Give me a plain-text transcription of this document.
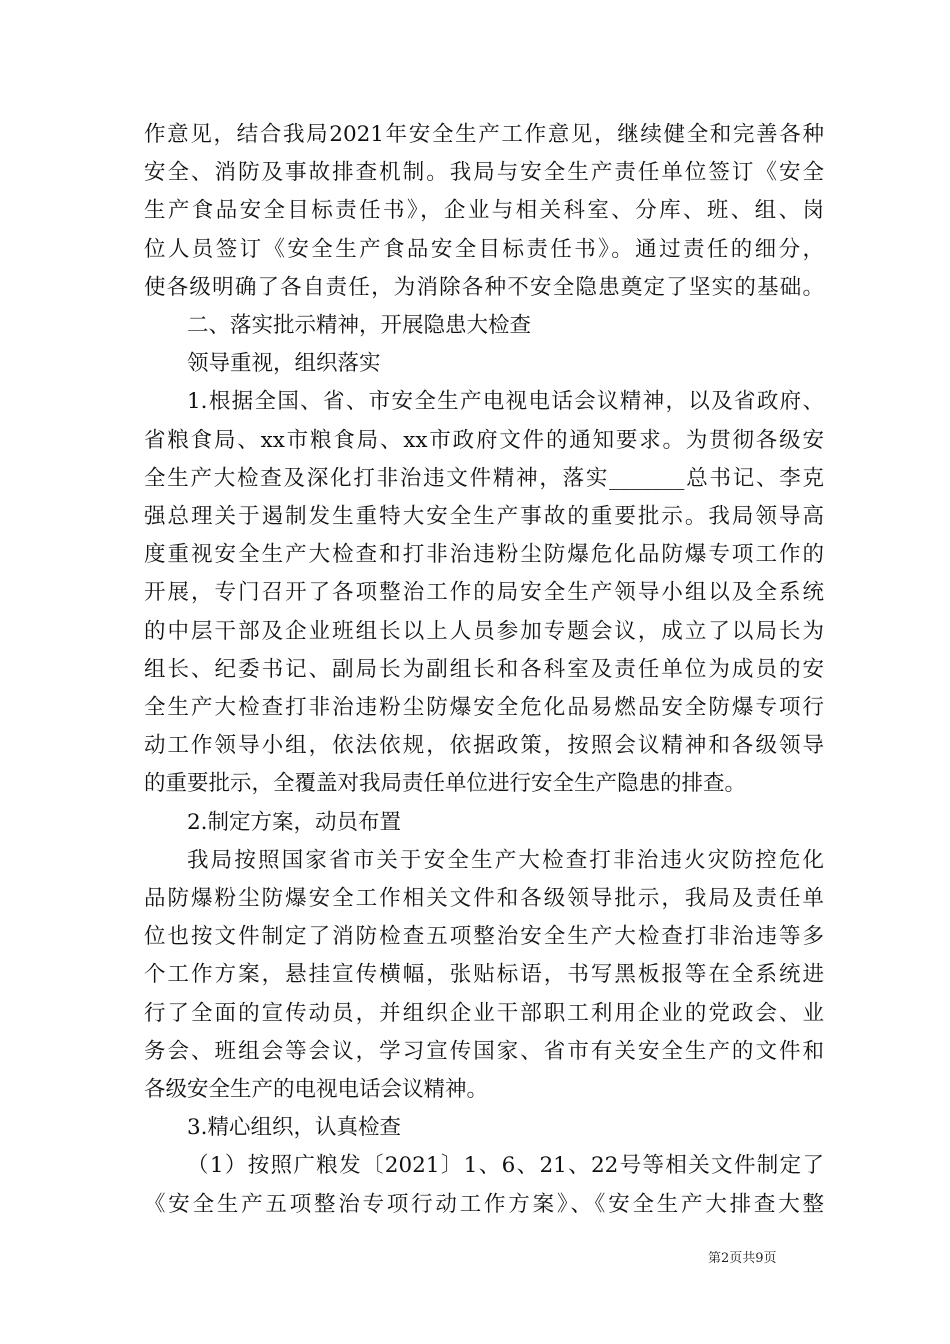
作意见，结合我局2021年安全生产工作意见，继续健全和完善各种

安全、消防及事故排查机制。我局与安全生产责任单位签订《安全

生产食品安全目标责任书》，企业与相关科室、分库、班、组、岗

位人员签订《安全生产食品安全目标责任书》。通过责任的细分，

使各级明确了各自责任，为消除各种不安全隐患奠定了坚实的基础。

二、落实批示精神，开展隐患大检查

领导重视，组织落实

1.根据全国、省、市安全生产电视电话会议精神，以及省政府、

省粮食局、xx市粮食局、xx市政府文件的通知要求。为贯彻各级安

全生产大检查及深化打非治违文件精神，落实_______总书记、李克

强总理关于遏制发生重特大安全生产事故的重要批示。我局领导高

度重视安全生产大检查和打非治违粉尘防爆危化品防爆专项工作的

开展，专门召开了各项整治工作的局安全生产领导小组以及全系统

的中层干部及企业班组长以上人员参加专题会议，成立了以局长为

组长、纪委书记、副局长为副组长和各科室及责任单位为成员的安

全生产大检查打非治违粉尘防爆安全危化品易燃品安全防爆专项行

动工作领导小组，依法依规，依据政策，按照会议精神和各级领导

的重要批示，全覆盖对我局责任单位进行安全生产隐患的排查。

2.制定方案，动员布置

我局按照国家省市关于安全生产大检查打非治违火灾防控危化

品防爆粉尘防爆安全工作相关文件和各级领导批示，我局及责任单

位也按文件制定了消防检查五项整治安全生产大检查打非治违等多

个工作方案，悬挂宣传横幅，张贴标语，书写黑板报等在全系统进

行了全面的宣传动员，并组织企业干部职工利用企业的党政会、业

务会、班组会等会议，学习宣传国家、省市有关安全生产的文件和

各级安全生产的电视电话会议精神。

3.精心组织，认真检查

（1）按照广粮发〔2021〕1、6、21、22号等相关文件制定了

《安全生产五项整治专项行动工作方案》、《安全生产大排查大整

第2页共9页
